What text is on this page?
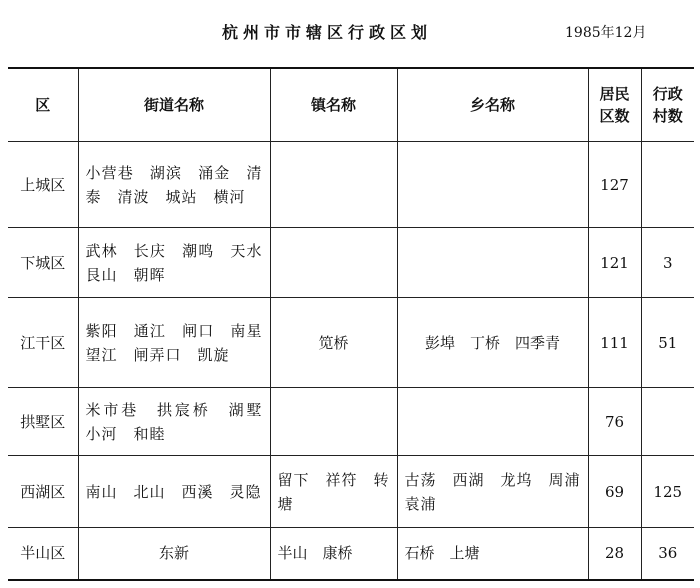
杭州市市辖区行政区划	1985年12月
区	街道名称	镇名称	乡名称	居民区数	行政村数
上城区	小营巷　湖滨　涌金　清泰　清波　城站　横河			127	
下城区	武林　长庆　潮鸣　天水　艮山　朝晖			121	3
江干区	紫阳　通江　闸口　南星　望江　闸弄口　凯旋	笕桥	彭埠　丁桥　四季青	111	51
拱墅区	米市巷　拱宸桥　湖墅　小河　和睦			76	
西湖区	南山　北山　西溪　灵隐	留下　祥符　转塘	古荡　西湖　龙坞　周浦　袁浦	69	125
半山区	东新	半山　康桥	石桥　上塘	28	36
